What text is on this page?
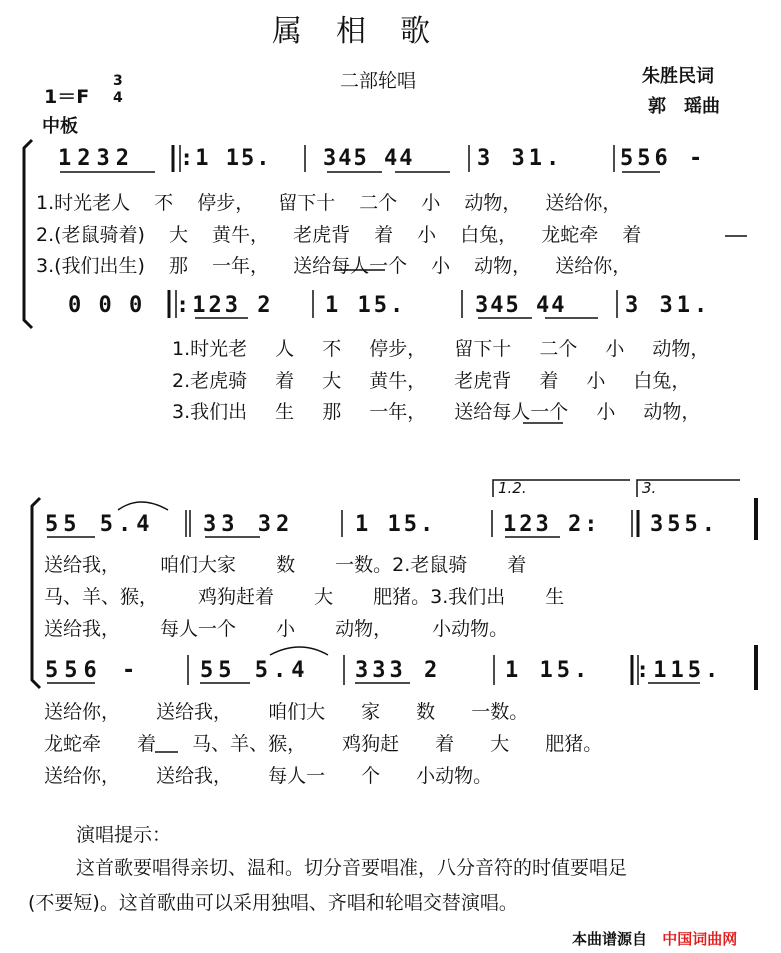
属相歌
二部轮唱	朱胜民词
郭　瑶曲
1＝F
3
4
中板
1232 :1 15. 345 44	3 31.	556 -
1.时光老人 不 停步， 留下十 二个 小 动物， 送给你，
2.(老鼠骑着) 大 黄牛， 老虎背 着 小 白兔， 龙蛇牵 着
3.(我们出生) 那 一年， 送给每人一个 小 动物， 送给你，
0 0 0 :123 2 1 15.	345 44	3 31.
1.时光老 人 不 停步， 留下十 二个 小 动物，
2.老虎骑 着 大 黄牛， 老虎背 着 小 白兔，
3.我们出 生 那 一年， 送给每人一个 小 动物，
1.2.	3.
55 5.4 33 32	1 15.	123 2: 355.
送给我， 咱们大家 数 一数。2.老鼠骑 着
马、羊、猴， 鸡狗赶着 大 肥猪。3.我们出 生
送给我， 每人一个 小 动物， 小动物。
556 -	55 5.4 333 2	1 15. :115.
送给你， 送给我， 咱们大 家 数 一数。
龙蛇牵 着 马、羊、猴， 鸡狗赶 着 大 肥猪。
送给你， 送给我， 每人一 个 小动物。
演唱提示：
这首歌要唱得亲切、温和。切分音要唱准，八分音符的时值要唱足
(不要短)。这首歌曲可以采用独唱、齐唱和轮唱交替演唱。
本曲谱源自 中国词曲网
